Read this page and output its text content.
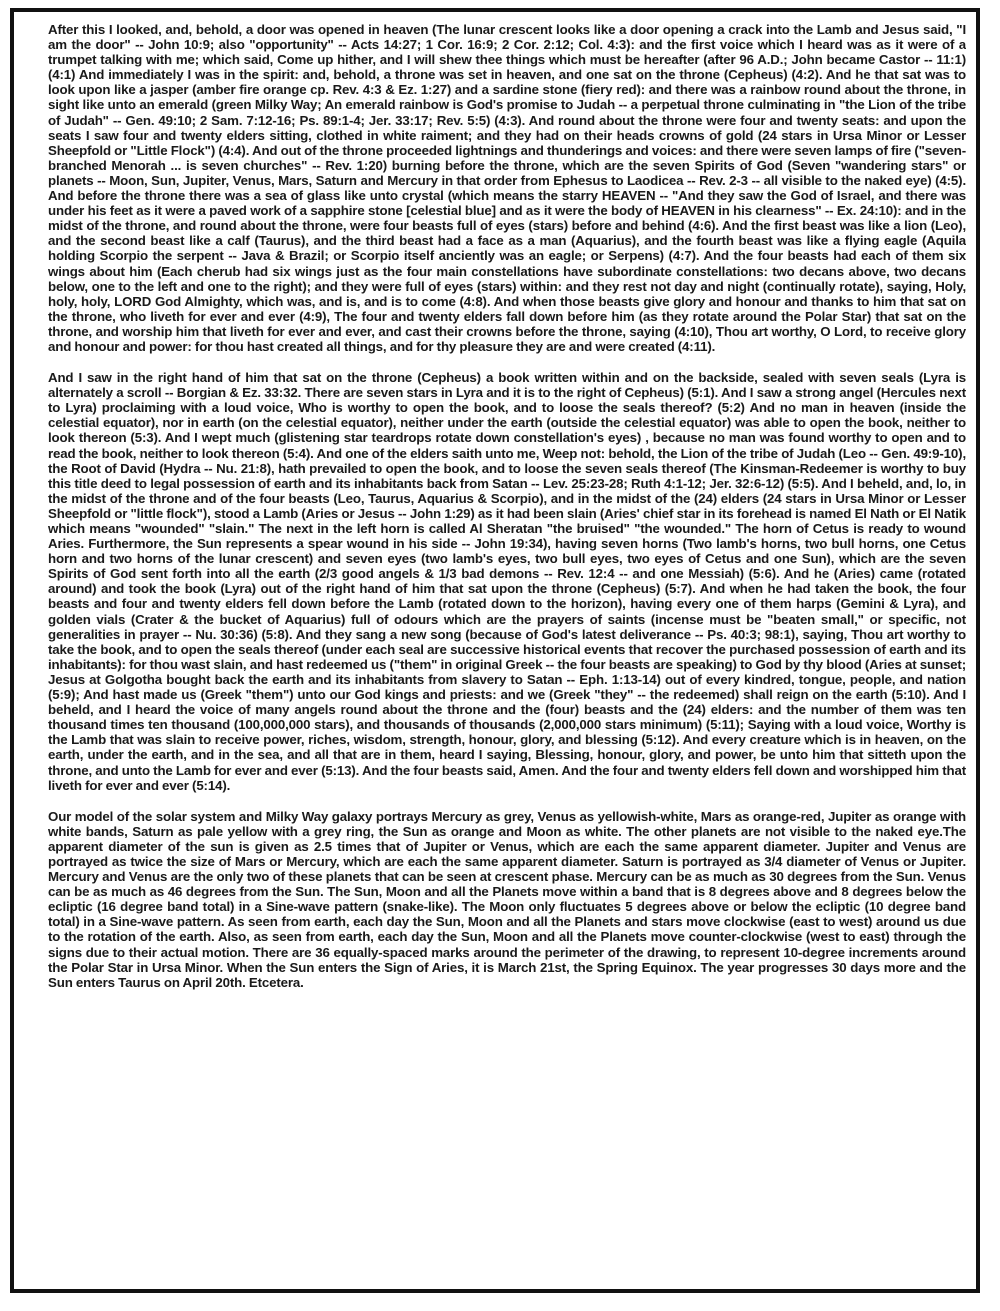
After this I looked, and, behold, a door was opened in heaven (The lunar crescent looks like a door opening a crack into the Lamb and Jesus said, "I am the door" -- John 10:9; also "opportunity" -- Acts 14:27; 1 Cor. 16:9; 2 Cor. 2:12; Col. 4:3): and the first voice which I heard was as it were of a trumpet talking with me; which said, Come up hither, and I will shew thee things which must be hereafter (after 96 A.D.; John became Castor -- 11:1) (4:1) And immediately I was in the spirit: and, behold, a throne was set in heaven, and one sat on the throne (Cepheus) (4:2). And he that sat was to look upon like a jasper (amber fire orange cp. Rev. 4:3 & Ez. 1:27) and a sardine stone (fiery red): and there was a rainbow round about the throne, in sight like unto an emerald (green Milky Way; An emerald rainbow is God's promise to Judah -- a perpetual throne culminating in "the Lion of the tribe of Judah" -- Gen. 49:10; 2 Sam. 7:12-16; Ps. 89:1-4; Jer. 33:17; Rev. 5:5) (4:3). And round about the throne were four and twenty seats: and upon the seats I saw four and twenty elders sitting, clothed in white raiment; and they had on their heads crowns of gold (24 stars in Ursa Minor or Lesser Sheepfold or "Little Flock") (4:4). And out of the throne proceeded lightnings and thunderings and voices: and there were seven lamps of fire ("seven-branched Menorah ... is seven churches" -- Rev. 1:20) burning before the throne, which are the seven Spirits of God (Seven "wandering stars" or planets -- Moon, Sun, Jupiter, Venus, Mars, Saturn and Mercury in that order from Ephesus to Laodicea -- Rev. 2-3 -- all visible to the naked eye) (4:5). And before the throne there was a sea of glass like unto crystal (which means the starry HEAVEN -- "And they saw the God of Israel, and there was under his feet as it were a paved work of a sapphire stone [celestial blue] and as it were the body of HEAVEN in his clearness" -- Ex. 24:10): and in the midst of the throne, and round about the throne, were four beasts full of eyes (stars) before and behind (4:6). And the first beast was like a lion (Leo), and the second beast like a calf (Taurus), and the third beast had a face as a man (Aquarius), and the fourth beast was like a flying eagle (Aquila holding Scorpio the serpent -- Java & Brazil; or Scorpio itself anciently was an eagle; or Serpens) (4:7). And the four beasts had each of them six wings about him (Each cherub had six wings just as the four main constellations have subordinate constellations: two decans above, two decans below, one to the left and one to the right); and they were full of eyes (stars) within: and they rest not day and night (continually rotate), saying, Holy, holy, holy, LORD God Almighty, which was, and is, and is to come (4:8). And when those beasts give glory and honour and thanks to him that sat on the throne, who liveth for ever and ever (4:9), The four and twenty elders fall down before him (as they rotate around the Polar Star) that sat on the throne, and worship him that liveth for ever and ever, and cast their crowns before the throne, saying (4:10), Thou art worthy, O Lord, to receive glory and honour and power: for thou hast created all things, and for thy pleasure they are and were created (4:11).

And I saw in the right hand of him that sat on the throne (Cepheus) a book written within and on the backside, sealed with seven seals (Lyra is alternately a scroll -- Borgian & Ez. 33:32. There are seven stars in Lyra and it is to the right of Cepheus) (5:1). And I saw a strong angel (Hercules next to Lyra) proclaiming with a loud voice, Who is worthy to open the book, and to loose the seals thereof? (5:2) And no man in heaven (inside the celestial equator), nor in earth (on the celestial equator), neither under the earth (outside the celestial equator) was able to open the book, neither to look thereon (5:3). And I wept much (glistening star teardrops rotate down constellation's eyes) , because no man was found worthy to open and to read the book, neither to look thereon (5:4). And one of the elders saith unto me, Weep not: behold, the Lion of the tribe of Judah (Leo -- Gen. 49:9-10), the Root of David (Hydra -- Nu. 21:8), hath prevailed to open the book, and to loose the seven seals thereof (The Kinsman-Redeemer is worthy to buy this title deed to legal possession of earth and its inhabitants back from Satan -- Lev. 25:23-28; Ruth 4:1-12; Jer. 32:6-12) (5:5). And I beheld, and, lo, in the midst of the throne and of the four beasts (Leo, Taurus, Aquarius & Scorpio), and in the midst of the (24) elders (24 stars in Ursa Minor or Lesser Sheepfold or "little flock"), stood a Lamb (Aries or Jesus -- John 1:29) as it had been slain (Aries' chief star in its forehead is named El Nath or El Natik which means "wounded" "slain." The next in the left horn is called Al Sheratan "the bruised" "the wounded." The horn of Cetus is ready to wound Aries. Furthermore, the Sun represents a spear wound in his side -- John 19:34), having seven horns (Two lamb's horns, two bull horns, one Cetus horn and two horns of the lunar crescent) and seven eyes (two lamb's eyes, two bull eyes, two eyes of Cetus and one Sun), which are the seven Spirits of God sent forth into all the earth (2/3 good angels & 1/3 bad demons -- Rev. 12:4 -- and one Messiah) (5:6). And he (Aries) came (rotated around) and took the book (Lyra) out of the right hand of him that sat upon the throne (Cepheus) (5:7). And when he had taken the book, the four beasts and four and twenty elders fell down before the Lamb (rotated down to the horizon), having every one of them harps (Gemini & Lyra), and golden vials (Crater & the bucket of Aquarius) full of odours which are the prayers of saints (incense must be "beaten small," or specific, not generalities in prayer -- Nu. 30:36) (5:8). And they sang a new song (because of God's latest deliverance -- Ps. 40:3; 98:1), saying, Thou art worthy to take the book, and to open the seals thereof (under each seal are successive historical events that recover the purchased possession of earth and its inhabitants): for thou wast slain, and hast redeemed us ("them" in original Greek -- the four beasts are speaking) to God by thy blood (Aries at sunset; Jesus at Golgotha bought back the earth and its inhabitants from slavery to Satan -- Eph. 1:13-14) out of every kindred, tongue, people, and nation (5:9); And hast made us (Greek "them") unto our God kings and priests: and we (Greek "they" -- the redeemed) shall reign on the earth (5:10). And I beheld, and I heard the voice of many angels round about the throne and the (four) beasts and the (24) elders: and the number of them was ten thousand times ten thousand (100,000,000 stars), and thousands of thousands (2,000,000 stars minimum) (5:11); Saying with a loud voice, Worthy is the Lamb that was slain to receive power, riches, wisdom, strength, honour, glory, and blessing (5:12). And every creature which is in heaven, on the earth, under the earth, and in the sea, and all that are in them, heard I saying, Blessing, honour, glory, and power, be unto him that sitteth upon the throne, and unto the Lamb for ever and ever (5:13). And the four beasts said, Amen. And the four and twenty elders fell down and worshipped him that liveth for ever and ever (5:14).

Our model of the solar system and Milky Way galaxy portrays Mercury as grey, Venus as yellowish-white, Mars as orange-red, Jupiter as orange with white bands, Saturn as pale yellow with a grey ring, the Sun as orange and Moon as white. The other planets are not visible to the naked eye.The apparent diameter of the sun is given as 2.5 times that of Jupiter or Venus, which are each the same apparent diameter. Jupiter and Venus are portrayed as twice the size of Mars or Mercury, which are each the same apparent diameter. Saturn is portrayed as 3/4 diameter of Venus or Jupiter. Mercury and Venus are the only two of these planets that can be seen at crescent phase. Mercury can be as much as 30 degrees from the Sun. Venus can be as much as 46 degrees from the Sun. The Sun, Moon and all the Planets move within a band that is 8 degrees above and 8 degrees below the ecliptic (16 degree band total) in a Sine-wave pattern (snake-like). The Moon only fluctuates 5 degrees above or below the ecliptic (10 degree band total) in a Sine-wave pattern. As seen from earth, each day the Sun, Moon and all the Planets and stars move clockwise (east to west) around us due to the rotation of the earth. Also, as seen from earth, each day the Sun, Moon and all the Planets move counter-clockwise (west to east) through the signs due to their actual motion. There are 36 equally-spaced marks around the perimeter of the drawing, to represent 10-degree increments around the Polar Star in Ursa Minor. When the Sun enters the Sign of Aries, it is March 21st, the Spring Equinox. The year progresses 30 days more and the Sun enters Taurus on April 20th. Etcetera.
